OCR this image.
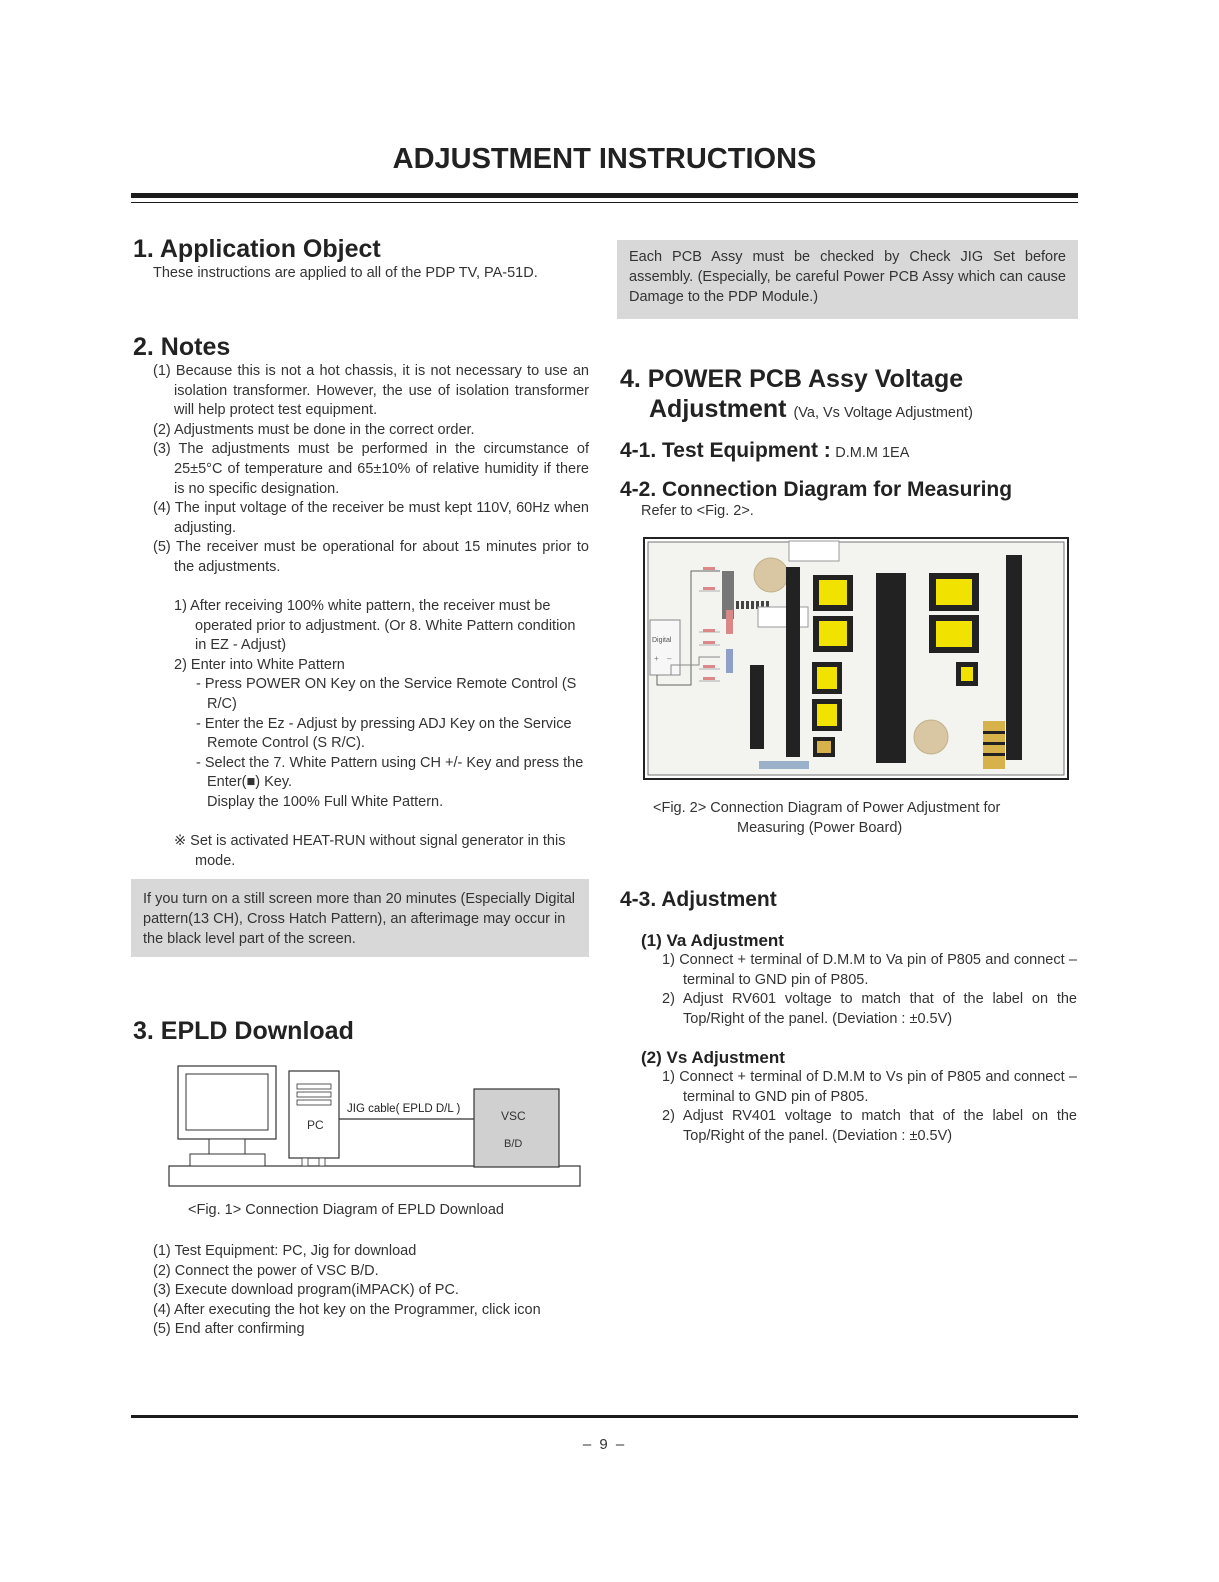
ADJUSTMENT INSTRUCTIONS
1. Application Object
These instructions are applied to all of the PDP TV, PA-51D.
2. Notes
(1) Because this is not a hot chassis, it is not necessary to use an isolation transformer. However, the use of isolation transformer will help protect test equipment.
(2) Adjustments must be done in the correct order.
(3) The adjustments must be performed in the circumstance of 25±5°C of temperature and 65±10% of relative humidity if there is no specific designation.
(4) The input voltage of the receiver be must kept 110V, 60Hz when adjusting.
(5) The receiver must be operational for about 15 minutes prior to the adjustments.
1) After receiving 100% white pattern, the receiver must be operated prior to adjustment. (Or 8. White Pattern condition in EZ - Adjust)
2) Enter into White Pattern
- Press POWER ON Key on the Service Remote Control (S R/C)
- Enter the Ez - Adjust by pressing ADJ Key on the Service Remote Control (S R/C).
- Select the 7. White Pattern using CH +/- Key and press the Enter(■) Key.
Display the 100% Full White Pattern.
※ Set is activated HEAT-RUN without signal generator in this mode.
If you turn on a still screen more than 20 minutes (Especially Digital pattern(13 CH), Cross Hatch Pattern), an afterimage may occur in the black level part of the screen.
3. EPLD Download
PC
JIG cable( EPLD D/L )	VSC
B/D
<Fig. 1> Connection Diagram of EPLD Download
(1) Test Equipment: PC, Jig for download
(2) Connect the power of VSC B/D.
(3) Execute download program(iMPACK) of PC.
(4) After executing the hot key on the Programmer, click icon
(5) End after confirming
Each PCB Assy must be checked by Check JIG Set before assembly. (Especially, be careful Power PCB Assy which can cause Damage to the PDP Module.)
4. POWER PCB Assy Voltage
Adjustment (Va, Vs Voltage Adjustment)
4-1. Test Equipment : D.M.M 1EA
4-2. Connection Diagram for Measuring
Refer to <Fig. 2>.
Digital
+ –
<Fig. 2> Connection Diagram of Power Adjustment for
Measuring (Power Board)
4-3. Adjustment
(1) Va Adjustment
1) Connect + terminal of D.M.M to Va pin of P805 and connect – terminal to GND pin of P805.
2) Adjust RV601 voltage to match that of the label on the Top/Right of the panel. (Deviation : ±0.5V)
(2) Vs Adjustment
1) Connect + terminal of D.M.M to Vs pin of P805 and connect – terminal to GND pin of P805.
2) Adjust RV401 voltage to match that of the label on the Top/Right of the panel. (Deviation : ±0.5V)
– 9 –
